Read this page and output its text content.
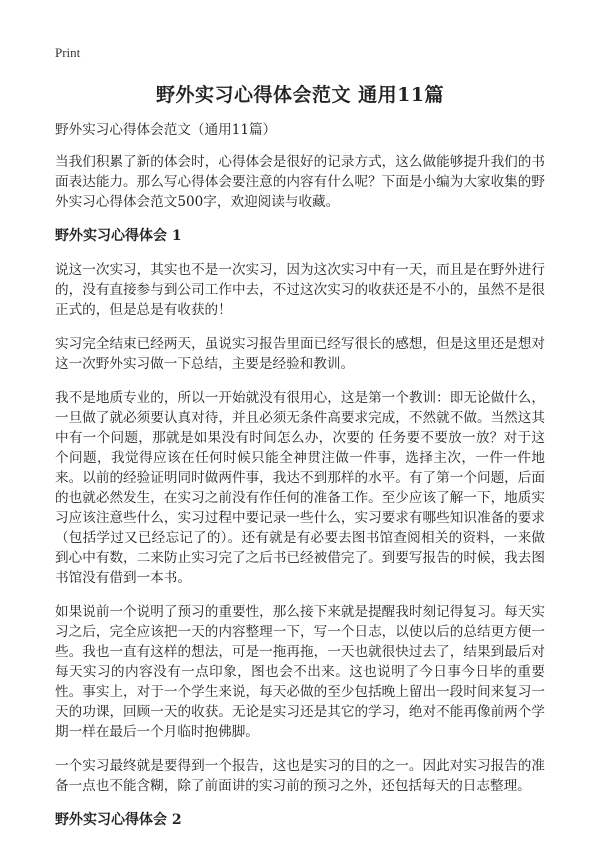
Print
野外实习心得体会范文 通用11篇

野外实习心得体会范文（通用11篇）

当我们积累了新的体会时，心得体会是很好的记录方式，这么做能够提升我们的书面表达能力。那么写心得体会要注意的内容有什么呢？下面是小编为大家收集的野外实习心得体会范文500字，欢迎阅读与收藏。

野外实习心得体会 1

说这一次实习，其实也不是一次实习，因为这次实习中有一天，而且是在野外进行的，没有直接参与到公司工作中去，不过这次实习的收获还是不小的，虽然不是很正式的，但是总是有收获的！

实习完全结束已经两天，虽说实习报告里面已经写很长的感想，但是这里还是想对这一次野外实习做一下总结，主要是经验和教训。

我不是地质专业的，所以一开始就没有很用心，这是第一个教训：即无论做什么，一旦做了就必须要认真对待，并且必须无条件高要求完成，不然就不做。当然这其中有一个问题，那就是如果没有时间怎么办，次要的 任务要不要放一放？对于这个问题，我觉得应该在任何时候只能全神贯注做一件事，选择主次，一件一件地来。以前的经验证明同时做两件事，我达不到那样的水平。有了第一个问题，后面的也就必然发生，在实习之前没有作任何的准备工作。至少应该了解一下，地质实习应该注意些什么，实习过程中要记录一些什么，实习要求有哪些知识准备的要求（包括学过又已经忘记了的）。还有就是有必要去图书馆查阅相关的资料，一来做到心中有数，二来防止实习完了之后书已经被借完了。到要写报告的时候，我去图书馆没有借到一本书。

如果说前一个说明了预习的重要性，那么接下来就是提醒我时刻记得复习。每天实习之后，完全应该把一天的内容整理一下，写一个日志，以使以后的总结更方便一些。我也一直有这样的想法，可是一拖再拖，一天也就很快过去了，结果到最后对每天实习的内容没有一点印象，图也会不出来。这也说明了今日事今日毕的重要性。事实上，对于一个学生来说，每天必做的至少包括晚上留出一段时间来复习一天的功课，回顾一天的收获。无论是实习还是其它的学习，绝对不能再像前两个学期一样在最后一个月临时抱佛脚。

一个实习最终就是要得到一个报告，这也是实习的目的之一。因此对实习报告的准备一点也不能含糊，除了前面讲的实习前的预习之外，还包括每天的日志整理。

野外实习心得体会 2
